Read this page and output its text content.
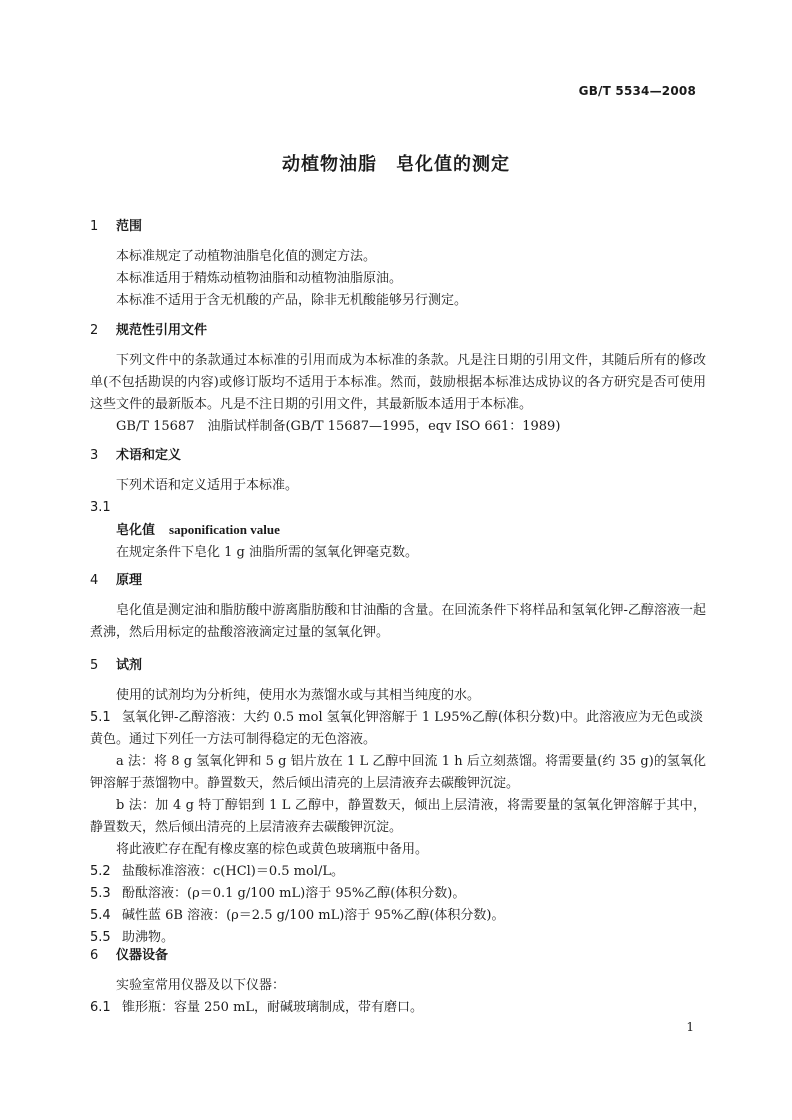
GB/T 5534—2008
动植物油脂　皂化值的测定
1 范围

本标准规定了动植物油脂皂化值的测定方法。

本标准适用于精炼动植物油脂和动植物油脂原油。

本标准不适用于含无机酸的产品，除非无机酸能够另行测定。

2 规范性引用文件

下列文件中的条款通过本标准的引用而成为本标准的条款。凡是注日期的引用文件，其随后所有的修改单(不包括勘误的内容)或修订版均不适用于本标准。然而，鼓励根据本标准达成协议的各方研究是否可使用这些文件的最新版本。凡是不注日期的引用文件，其最新版本适用于本标准。

GB/T 15687　油脂试样制备(GB/T 15687—1995，eqv ISO 661：1989)

3 术语和定义

下列术语和定义适用于本标准。

3.1

皂化值 saponification value

在规定条件下皂化 1 g 油脂所需的氢氧化钾毫克数。

4 原理

皂化值是测定油和脂肪酸中游离脂肪酸和甘油酯的含量。在回流条件下将样品和氢氧化钾-乙醇溶液一起煮沸，然后用标定的盐酸溶液滴定过量的氢氧化钾。

5 试剂

使用的试剂均为分析纯，使用水为蒸馏水或与其相当纯度的水。

5.1 氢氧化钾-乙醇溶液：大约 0.5 mol 氢氧化钾溶解于 1 L95%乙醇(体积分数)中。此溶液应为无色或淡黄色。通过下列任一方法可制得稳定的无色溶液。

a 法：将 8 g 氢氧化钾和 5 g 铝片放在 1 L 乙醇中回流 1 h 后立刻蒸馏。将需要量(约 35 g)的氢氧化钾溶解于蒸馏物中。静置数天，然后倾出清亮的上层清液弃去碳酸钾沉淀。

b 法：加 4 g 特丁醇铝到 1 L 乙醇中，静置数天，倾出上层清液，将需要量的氢氧化钾溶解于其中，静置数天，然后倾出清亮的上层清液弃去碳酸钾沉淀。

将此液贮存在配有橡皮塞的棕色或黄色玻璃瓶中备用。

5.2 盐酸标准溶液：c(HCl)＝0.5 mol/L。

5.3 酚酞溶液：(ρ＝0.1 g/100 mL)溶于 95%乙醇(体积分数)。

5.4 碱性蓝 6B 溶液：(ρ＝2.5 g/100 mL)溶于 95%乙醇(体积分数)。

5.5 助沸物。

6 仪器设备

实验室常用仪器及以下仪器：

6.1 锥形瓶：容量 250 mL，耐碱玻璃制成，带有磨口。

1
